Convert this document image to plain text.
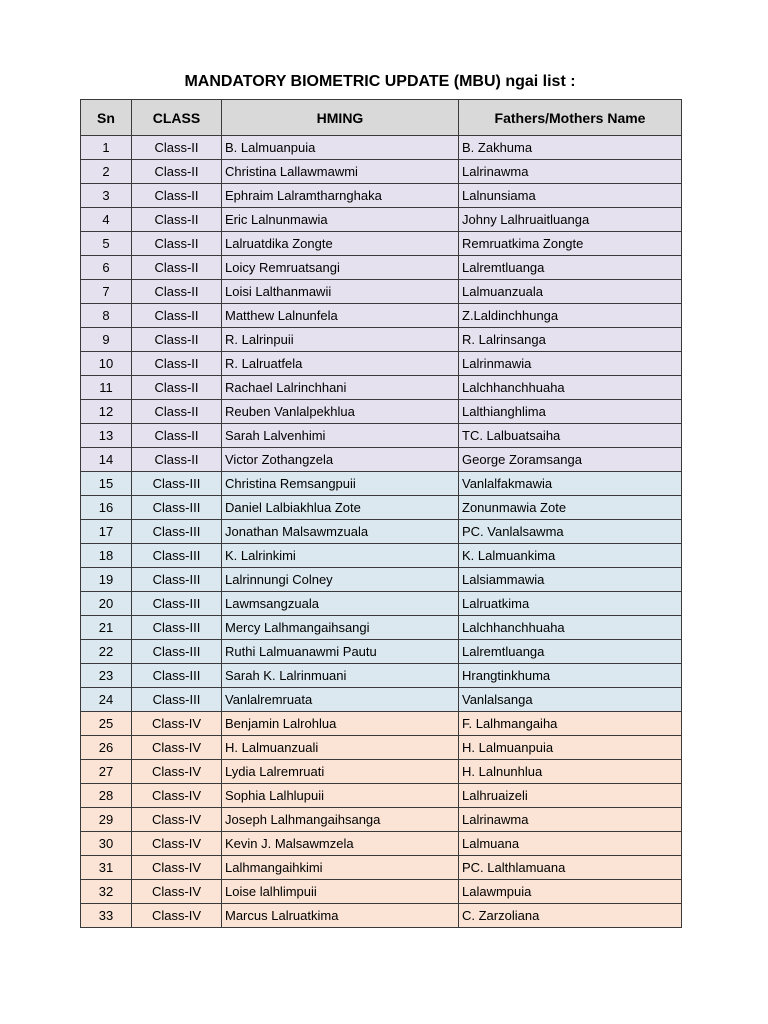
MANDATORY BIOMETRIC UPDATE (MBU) ngai list :
Sn	CLASS	HMING	Fathers/Mothers Name
1	Class-II	B. Lalmuanpuia	B. Zakhuma
2	Class-II	Christina Lallawmawmi	Lalrinawma
3	Class-II	Ephraim Lalramtharnghaka	Lalnunsiama
4	Class-II	Eric Lalnunmawia	Johny Lalhruaitluanga
5	Class-II	Lalruatdika Zongte	Remruatkima Zongte
6	Class-II	Loicy Remruatsangi	Lalremtluanga
7	Class-II	Loisi Lalthanmawii	Lalmuanzuala
8	Class-II	Matthew Lalnunfela	Z.Laldinchhunga
9	Class-II	R. Lalrinpuii	R. Lalrinsanga
10	Class-II	R. Lalruatfela	Lalrinmawia
11	Class-II	Rachael Lalrinchhani	Lalchhanchhuaha
12	Class-II	Reuben Vanlalpekhlua	Lalthianghlima
13	Class-II	Sarah Lalvenhimi	TC. Lalbuatsaiha
14	Class-II	Victor Zothangzela	George Zoramsanga
15	Class-III	Christina Remsangpuii	Vanlalfakmawia
16	Class-III	Daniel Lalbiakhlua Zote	Zonunmawia Zote
17	Class-III	Jonathan Malsawmzuala	PC. Vanlalsawma
18	Class-III	K. Lalrinkimi	K. Lalmuankima
19	Class-III	Lalrinnungi Colney	Lalsiammawia
20	Class-III	Lawmsangzuala	Lalruatkima
21	Class-III	Mercy Lalhmangaihsangi	Lalchhanchhuaha
22	Class-III	Ruthi Lalmuanawmi Pautu	Lalremtluanga
23	Class-III	Sarah K. Lalrinmuani	Hrangtinkhuma
24	Class-III	Vanlalremruata	Vanlalsanga
25	Class-IV	Benjamin Lalrohlua	F. Lalhmangaiha
26	Class-IV	H. Lalmuanzuali	H. Lalmuanpuia
27	Class-IV	Lydia Lalremruati	H. Lalnunhlua
28	Class-IV	Sophia Lalhlupuii	Lalhruaizeli
29	Class-IV	Joseph Lalhmangaihsanga	Lalrinawma
30	Class-IV	Kevin J. Malsawmzela	Lalmuana
31	Class-IV	Lalhmangaihkimi	PC. Lalthlamuana
32	Class-IV	Loise lalhlimpuii	Lalawmpuia
33	Class-IV	Marcus Lalruatkima	C. Zarzoliana
